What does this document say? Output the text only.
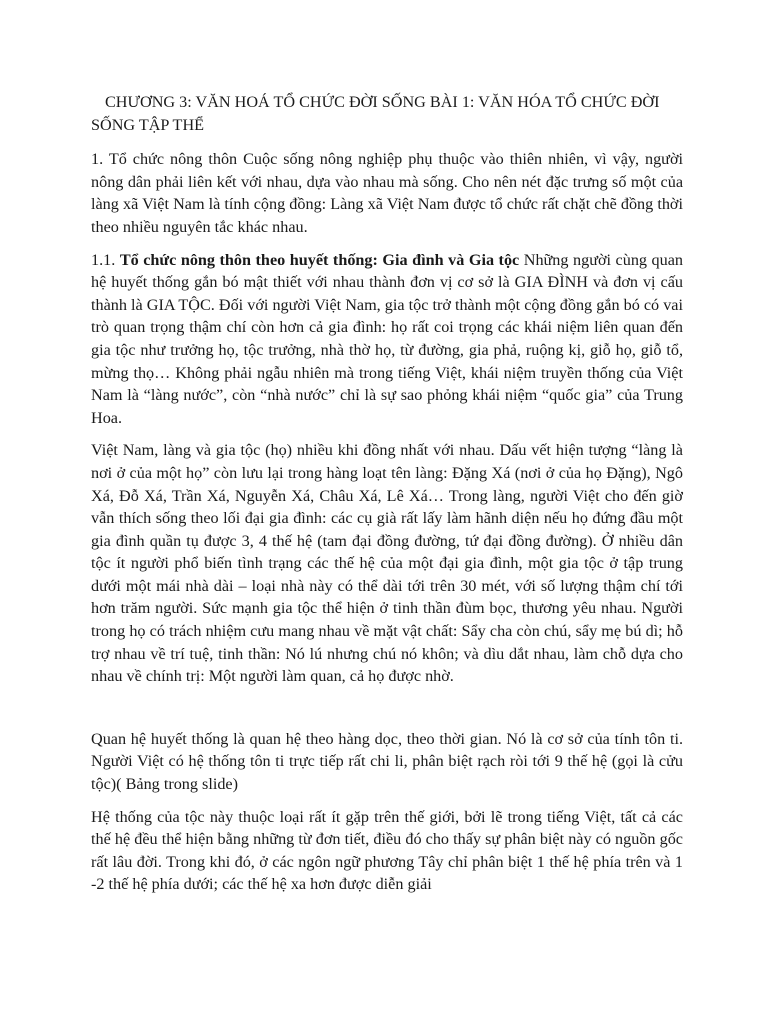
CHƯƠNG 3: VĂN HOÁ TỔ CHỨC ĐỜI SỐNG BÀI 1: VĂN HÓA TỔ CHỨC ĐỜI SỐNG TẬP THỂ

1. Tổ chức nông thôn Cuộc sống nông nghiệp phụ thuộc vào thiên nhiên, vì vậy, người nông dân phải liên kết với nhau, dựa vào nhau mà sống. Cho nên nét đặc trưng số một của làng xã Việt Nam là tính cộng đồng: Làng xã Việt Nam được tổ chức rất chặt chẽ đồng thời theo nhiều nguyên tắc khác nhau.

1.1. Tổ chức nông thôn theo huyết thống: Gia đình và Gia tộc Những người cùng quan hệ huyết thống gắn bó mật thiết với nhau thành đơn vị cơ sở là GIA ĐÌNH và đơn vị cấu thành là GIA TỘC. Đối với người Việt Nam, gia tộc trở thành một cộng đồng gắn bó có vai trò quan trọng thậm chí còn hơn cả gia đình: họ rất coi trọng các khái niệm liên quan đến gia tộc như trưởng họ, tộc trưởng, nhà thờ họ, từ đường, gia phả, ruộng kị, giỗ họ, giỗ tổ, mừng thọ… Không phải ngẫu nhiên mà trong tiếng Việt, khái niệm truyền thống của Việt Nam là “làng nước”, còn “nhà nước” chỉ là sự sao phỏng khái niệm “quốc gia” của Trung Hoa.

Việt Nam, làng và gia tộc (họ) nhiều khi đồng nhất với nhau. Dấu vết hiện tượng “làng là nơi ở của một họ” còn lưu lại trong hàng loạt tên làng: Đặng Xá (nơi ở của họ Đặng), Ngô Xá, Đỗ Xá, Trần Xá, Nguyễn Xá, Châu Xá, Lê Xá… Trong làng, người Việt cho đến giờ vẫn thích sống theo lối đại gia đình: các cụ già rất lấy làm hãnh diện nếu họ đứng đầu một gia đình quần tụ được 3, 4 thế hệ (tam đại đồng đường, tứ đại đồng đường). Ở nhiều dân tộc ít người phổ biến tình trạng các thế hệ của một đại gia đình, một gia tộc ở tập trung dưới một mái nhà dài – loại nhà này có thể dài tới trên 30 mét, với số lượng thậm chí tới hơn trăm người. Sức mạnh gia tộc thể hiện ở tinh thần đùm bọc, thương yêu nhau. Người trong họ có trách nhiệm cưu mang nhau về mặt vật chất: Sẩy cha còn chú, sẩy mẹ bú dì; hỗ trợ nhau về trí tuệ, tinh thần: Nó lú nhưng chú nó khôn; và dìu dắt nhau, làm chỗ dựa cho nhau về chính trị: Một người làm quan, cả họ được nhờ.

Quan hệ huyết thống là quan hệ theo hàng dọc, theo thời gian. Nó là cơ sở của tính tôn ti. Người Việt có hệ thống tôn ti trực tiếp rất chi li, phân biệt rạch ròi tới 9 thế hệ (gọi là cửu tộc)( Bảng trong slide)

Hệ thống của tộc này thuộc loại rất ít gặp trên thế giới, bởi lẽ trong tiếng Việt, tất cả các thế hệ đều thể hiện bằng những từ đơn tiết, điều đó cho thấy sự phân biệt này có nguồn gốc rất lâu đời. Trong khi đó, ở các ngôn ngữ phương Tây chỉ phân biệt 1 thế hệ phía trên và 1 -2 thế hệ phía dưới; các thế hệ xa hơn được diễn giải
